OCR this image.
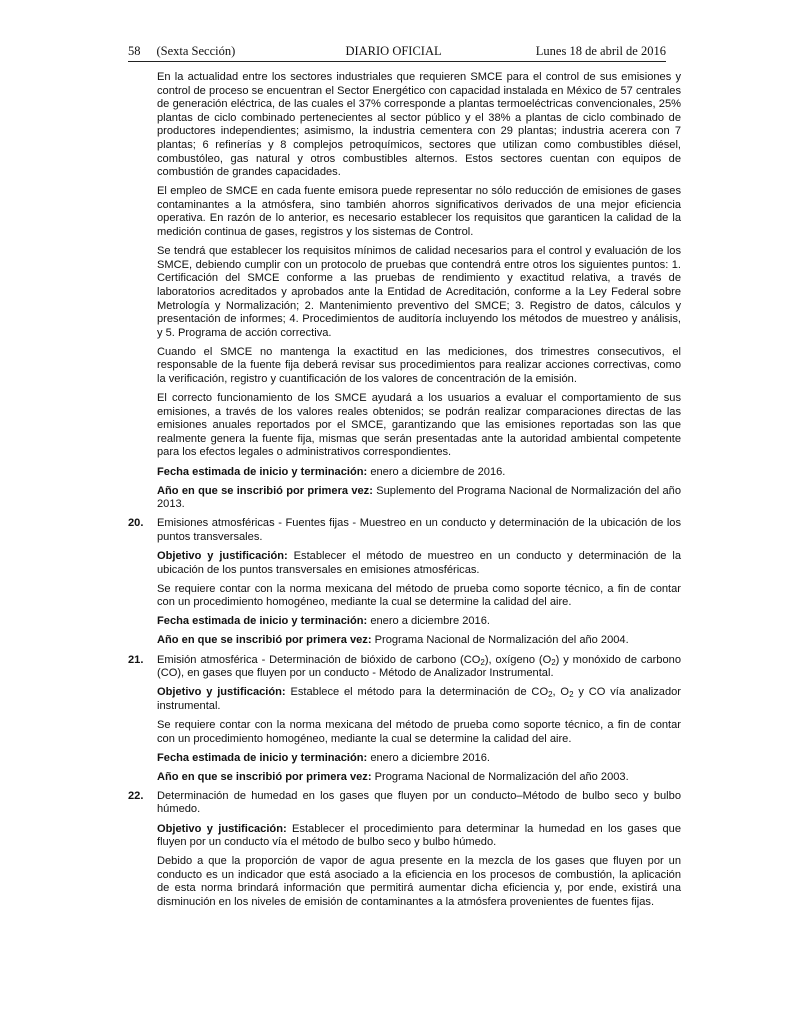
58 (Sexta Sección)	DIARIO OFICIAL	Lunes 18 de abril de 2016

En la actualidad entre los sectores industriales que requieren SMCE para el control de sus emisiones y control de proceso se encuentran el Sector Energético con capacidad instalada en México de 57 centrales de generación eléctrica, de las cuales el 37% corresponde a plantas termoeléctricas convencionales, 25% plantas de ciclo combinado pertenecientes al sector público y el 38% a plantas de ciclo combinado de productores independientes; asimismo, la industria cementera con 29 plantas; industria acerera con 7 plantas; 6 refinerías y 8 complejos petroquímicos, sectores que utilizan como combustibles diésel, combustóleo, gas natural y otros combustibles alternos. Estos sectores cuentan con equipos de combustión de grandes capacidades.

El empleo de SMCE en cada fuente emisora puede representar no sólo reducción de emisiones de gases contaminantes a la atmósfera, sino también ahorros significativos derivados de una mejor eficiencia operativa. En razón de lo anterior, es necesario establecer los requisitos que garanticen la calidad de la medición continua de gases, registros y los sistemas de Control.

Se tendrá que establecer los requisitos mínimos de calidad necesarios para el control y evaluación de los SMCE, debiendo cumplir con un protocolo de pruebas que contendrá entre otros los siguientes puntos: 1. Certificación del SMCE conforme a las pruebas de rendimiento y exactitud relativa, a través de laboratorios acreditados y aprobados ante la Entidad de Acreditación, conforme a la Ley Federal sobre Metrología y Normalización; 2. Mantenimiento preventivo del SMCE; 3. Registro de datos, cálculos y presentación de informes; 4. Procedimientos de auditoría incluyendo los métodos de muestreo y análisis, y 5. Programa de acción correctiva.

Cuando el SMCE no mantenga la exactitud en las mediciones, dos trimestres consecutivos, el responsable de la fuente fija deberá revisar sus procedimientos para realizar acciones correctivas, como la verificación, registro y cuantificación de los valores de concentración de la emisión.

El correcto funcionamiento de los SMCE ayudará a los usuarios a evaluar el comportamiento de sus emisiones, a través de los valores reales obtenidos; se podrán realizar comparaciones directas de las emisiones anuales reportados por el SMCE, garantizando que las emisiones reportadas son las que realmente genera la fuente fija, mismas que serán presentadas ante la autoridad ambiental competente para los efectos legales o administrativos correspondientes.

Fecha estimada de inicio y terminación: enero a diciembre de 2016.

Año en que se inscribió por primera vez: Suplemento del Programa Nacional de Normalización del año 2013.

20. Emisiones atmosféricas - Fuentes fijas - Muestreo en un conducto y determinación de la ubicación de los puntos transversales.

Objetivo y justificación: Establecer el método de muestreo en un conducto y determinación de la ubicación de los puntos transversales en emisiones atmosféricas.

Se requiere contar con la norma mexicana del método de prueba como soporte técnico, a fin de contar con un procedimiento homogéneo, mediante la cual se determine la calidad del aire.

Fecha estimada de inicio y terminación: enero a diciembre 2016.

Año en que se inscribió por primera vez: Programa Nacional de Normalización del año 2004.

21. Emisión atmosférica - Determinación de bióxido de carbono $(CO_2)$, oxígeno $(O_2)$ y monóxido de carbono (CO), en gases que fluyen por un conducto - Método de Analizador Instrumental.

Objetivo y justificación: Establece el método para la determinación de $CO_2$, $O_2$ y CO vía analizador instrumental.

Se requiere contar con la norma mexicana del método de prueba como soporte técnico, a fin de contar con un procedimiento homogéneo, mediante la cual se determine la calidad del aire.

Fecha estimada de inicio y terminación: enero a diciembre 2016.

Año en que se inscribió por primera vez: Programa Nacional de Normalización del año 2003.

22. Determinación de humedad en los gases que fluyen por un conducto–Método de bulbo seco y bulbo húmedo.

Objetivo y justificación: Establecer el procedimiento para determinar la humedad en los gases que fluyen por un conducto vía el método de bulbo seco y bulbo húmedo.

Debido a que la proporción de vapor de agua presente en la mezcla de los gases que fluyen por un conducto es un indicador que está asociado a la eficiencia en los procesos de combustión, la aplicación de esta norma brindará información que permitirá aumentar dicha eficiencia y, por ende, existirá una disminución en los niveles de emisión de contaminantes a la atmósfera provenientes de fuentes fijas.
